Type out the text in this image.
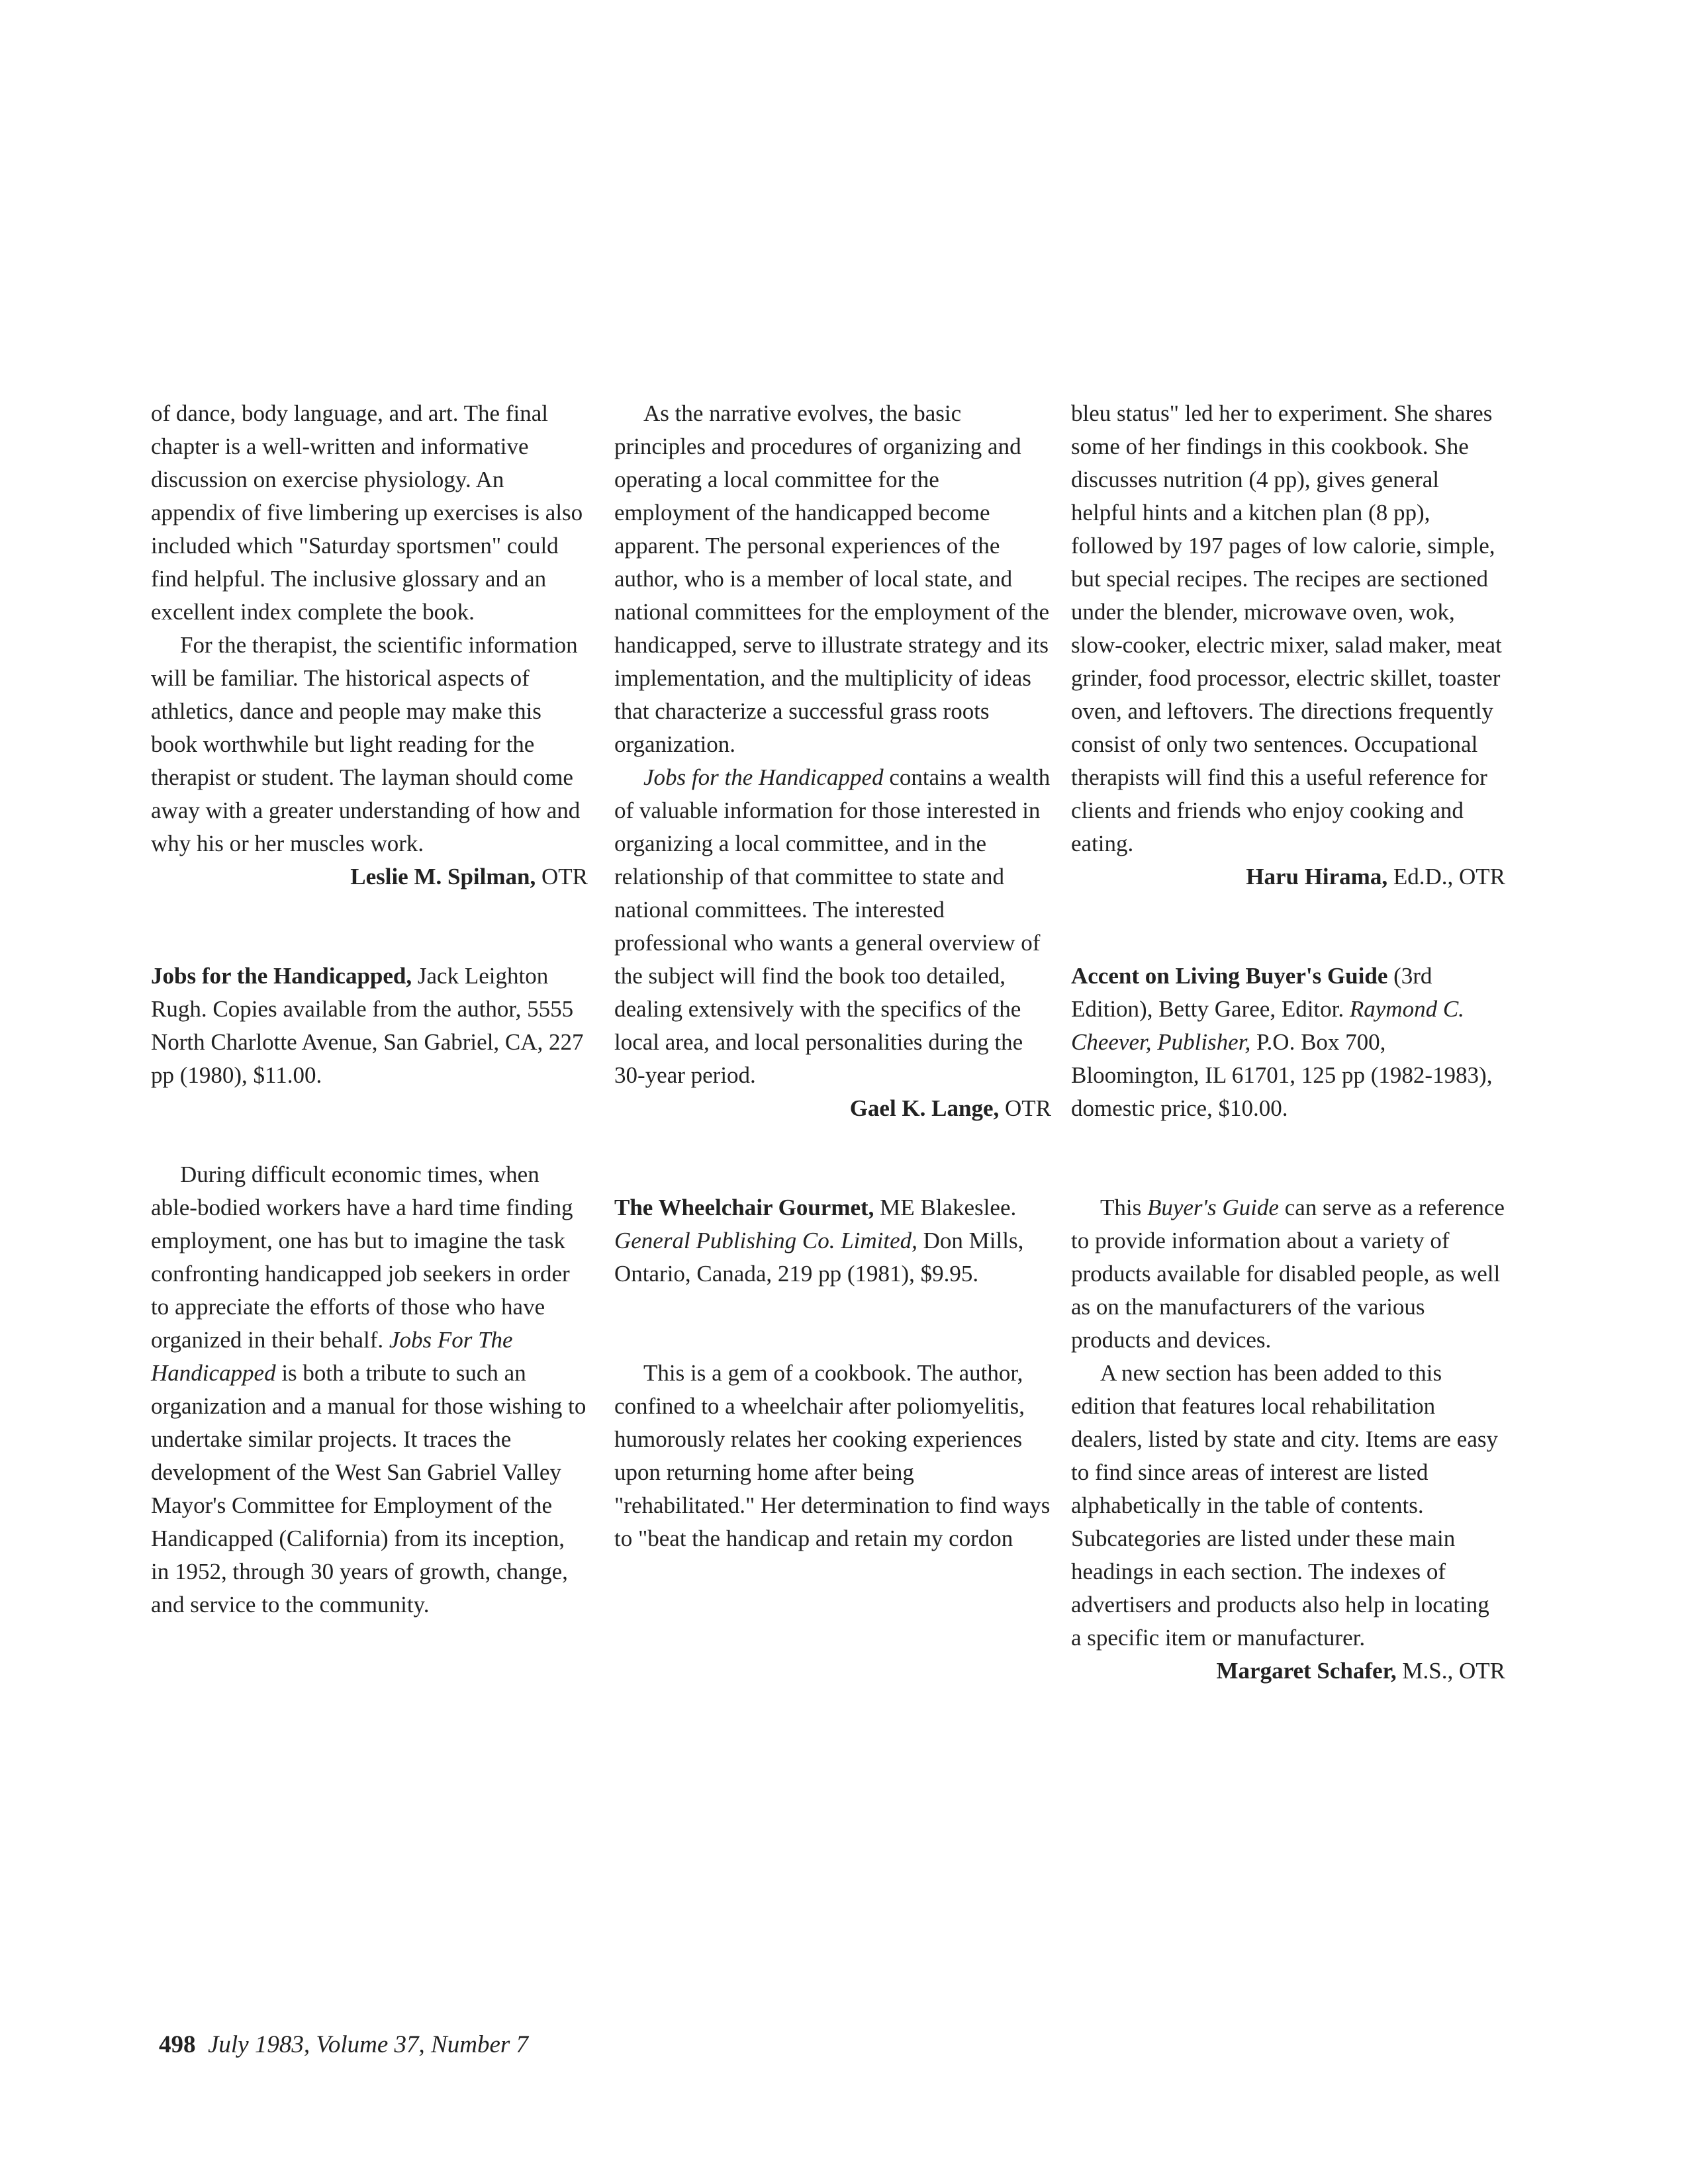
of dance, body language, and art. The final chapter is a well-written and informative discussion on exercise physiology. An appendix of five limbering up exercises is also included which "Saturday sportsmen" could find helpful. The inclusive glossary and an excellent index complete the book.

For the therapist, the scientific information will be familiar. The historical aspects of athletics, dance and people may make this book worthwhile but light reading for the therapist or student. The layman should come away with a greater understanding of how and why his or her muscles work.

Leslie M. Spilman, OTR

Jobs for the Handicapped, Jack Leighton Rugh. Copies available from the author, 5555 North Charlotte Avenue, San Gabriel, CA, 227 pp (1980), $11.00.

During difficult economic times, when able-bodied workers have a hard time finding employment, one has but to imagine the task confronting handicapped job seekers in order to appreciate the efforts of those who have organized in their behalf. Jobs For The Handicapped is both a tribute to such an organization and a manual for those wishing to undertake similar projects. It traces the development of the West San Gabriel Valley Mayor's Committee for Employment of the Handicapped (California) from its inception, in 1952, through 30 years of growth, change, and service to the community.

As the narrative evolves, the basic principles and procedures of organizing and operating a local committee for the employment of the handicapped become apparent. The personal experiences of the author, who is a member of local state, and national committees for the employment of the handicapped, serve to illustrate strategy and its implementation, and the multiplicity of ideas that characterize a successful grass roots organization.

Jobs for the Handicapped contains a wealth of valuable information for those interested in organizing a local committee, and in the relationship of that committee to state and national committees. The interested professional who wants a general overview of the subject will find the book too detailed, dealing extensively with the specifics of the local area, and local personalities during the 30-year period.

Gael K. Lange, OTR

The Wheelchair Gourmet, ME Blakeslee. General Publishing Co. Limited, Don Mills, Ontario, Canada, 219 pp (1981), $9.95.

This is a gem of a cookbook. The author, confined to a wheelchair after poliomyelitis, humorously relates her cooking experiences upon returning home after being "rehabilitated." Her determination to find ways to "beat the handicap and retain my cordon

bleu status" led her to experiment. She shares some of her findings in this cookbook. She discusses nutrition (4 pp), gives general helpful hints and a kitchen plan (8 pp), followed by 197 pages of low calorie, simple, but special recipes. The recipes are sectioned under the blender, microwave oven, wok, slow-cooker, electric mixer, salad maker, meat grinder, food processor, electric skillet, toaster oven, and leftovers. The directions frequently consist of only two sentences. Occupational therapists will find this a useful reference for clients and friends who enjoy cooking and eating.

Haru Hirama, Ed.D., OTR

Accent on Living Buyer's Guide (3rd Edition), Betty Garee, Editor. Raymond C. Cheever, Publisher, P.O. Box 700, Bloomington, IL 61701, 125 pp (1982-1983), domestic price, $10.00.

This Buyer's Guide can serve as a reference to provide information about a variety of products available for disabled people, as well as on the manufacturers of the various products and devices.

A new section has been added to this edition that features local rehabilitation dealers, listed by state and city. Items are easy to find since areas of interest are listed alphabetically in the table of contents. Subcategories are listed under these main headings in each section. The indexes of advertisers and products also help in locating a specific item or manufacturer.

Margaret Schafer, M.S., OTR

498 July 1983, Volume 37, Number 7
